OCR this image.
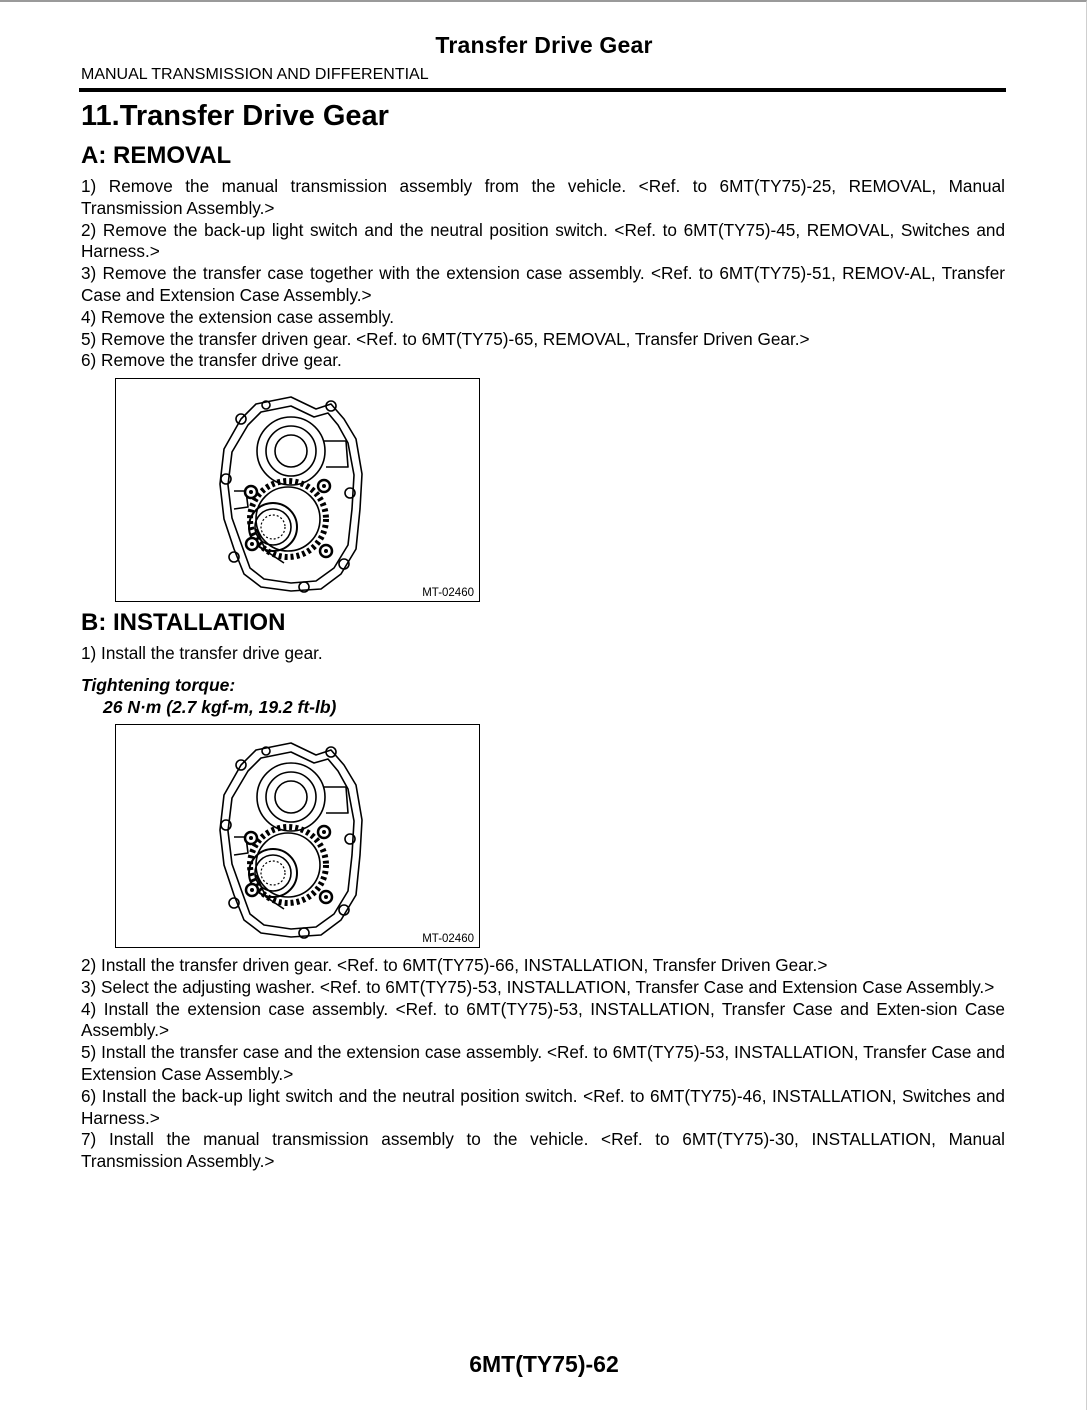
Transfer Drive Gear
MANUAL TRANSMISSION AND DIFFERENTIAL
11.Transfer Drive Gear
A: REMOVAL

1) Remove the manual transmission assembly from the vehicle. <Ref. to 6MT(TY75)-25, REMOVAL, Manual Transmission Assembly.>

2) Remove the back-up light switch and the neutral position switch. <Ref. to 6MT(TY75)-45, REMOVAL, Switches and Harness.>

3) Remove the transfer case together with the extension case assembly. <Ref. to 6MT(TY75)-51, REMOV-AL, Transfer Case and Extension Case Assembly.>

4) Remove the extension case assembly.

5) Remove the transfer driven gear. <Ref. to 6MT(TY75)-65, REMOVAL, Transfer Driven Gear.>

6) Remove the transfer drive gear.

MT-02460
B: INSTALLATION
1) Install the transfer drive gear.
Tightening torque:
26 N·m (2.7 kgf-m, 19.2 ft-lb)
MT-02460

2) Install the transfer driven gear. <Ref. to 6MT(TY75)-66, INSTALLATION, Transfer Driven Gear.>

3) Select the adjusting washer. <Ref. to 6MT(TY75)-53, INSTALLATION, Transfer Case and Extension Case Assembly.>

4) Install the extension case assembly. <Ref. to 6MT(TY75)-53, INSTALLATION, Transfer Case and Exten-sion Case Assembly.>

5) Install the transfer case and the extension case assembly. <Ref. to 6MT(TY75)-53, INSTALLATION, Transfer Case and Extension Case Assembly.>

6) Install the back-up light switch and the neutral position switch. <Ref. to 6MT(TY75)-46, INSTALLATION, Switches and Harness.>

7) Install the manual transmission assembly to the vehicle. <Ref. to 6MT(TY75)-30, INSTALLATION, Manual Transmission Assembly.>

6MT(TY75)-62
